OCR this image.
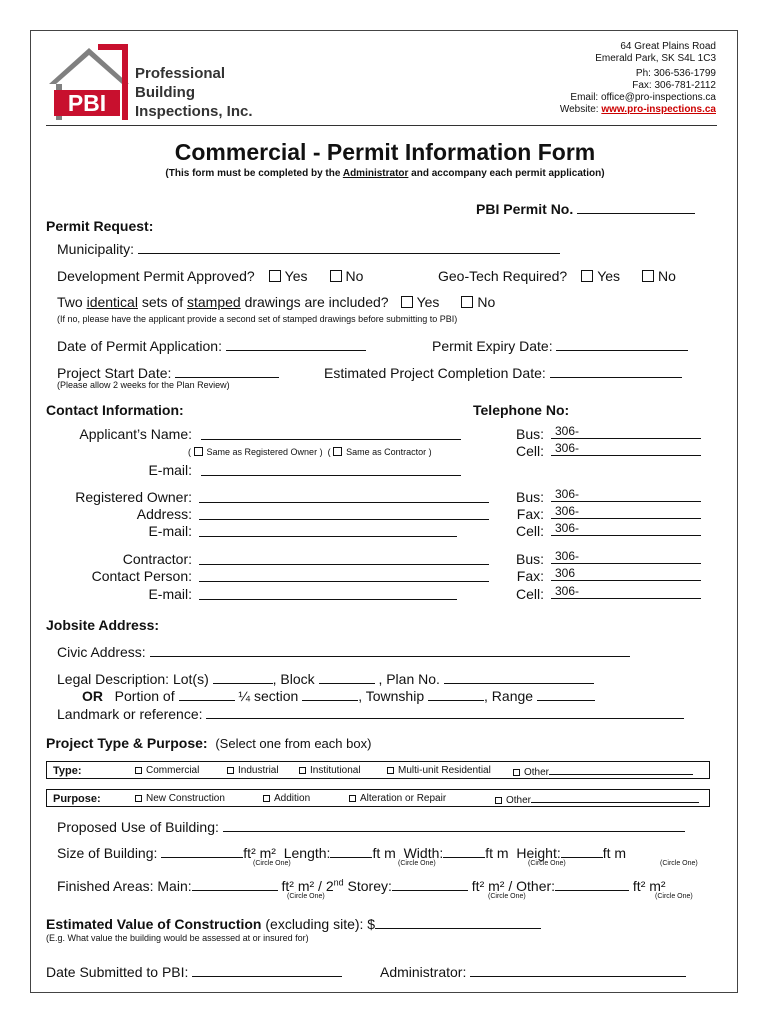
PBI
Professional
Building
Inspections, Inc.
64 Great Plains Road
Emerald Park, SK S4L 1C3
Ph: 306-536-1799
Fax: 306-781-2112
Email: office@pro-inspections.ca
Website: www.pro-inspections.ca
Commercial - Permit Information Form
(This form must be completed by the Administrator and accompany each permit application)
PBI Permit No.
Permit Request:
Municipality:
Development Permit Approved? Yes	No	Geo-Tech Required? Yes	No
Two identical sets of stamped drawings are included? Yes	No
(If no, please have the applicant provide a second set of stamped drawings before submitting to PBI)
Date of Permit Application:	Permit Expiry Date:
Project Start Date:	Estimated Project Completion Date:
(Please allow 2 weeks for the Plan Review)
Contact Information:	Telephone No:
Applicant’s Name:
( Same as Registered Owner ) ( Same as Contractor )
E-mail:
Bus: 306-
Cell: 306-
Registered Owner:
Address:
E-mail:
Bus: 306-
Fax: 306-
Cell: 306-
Contractor:
Contact Person:
E-mail:
Bus: 306-
Fax: 306
Cell: 306-
Jobsite Address:
Civic Address:
Legal Description: Lot(s)	, Block	, Plan No.
OR Portion of	¼ section	, Township	, Range
Landmark or reference:
Project Type & Purpose: (Select one from each box)
Type:	Commercial	Industrial	Institutional	Multi-unit Residential	Other
Purpose:	New Construction	Addition	Alteration or Repair	Other
Proposed Use of Building:
Size of Building:	ft² m² Length:	ft m Width:	ft m Height:	ft m
(Circle One)	(Circle One)	(Circle One)	(Circle One)
Finished Areas: Main:	ft² m² / 2nd Storey:	ft² m² / Other:	ft² m²
(Circle One)	(Circle One)	(Circle One)
Estimated Value of Construction (excluding site): $
(E.g. What value the building would be assessed at or insured for)
Date Submitted to PBI:	Administrator:
